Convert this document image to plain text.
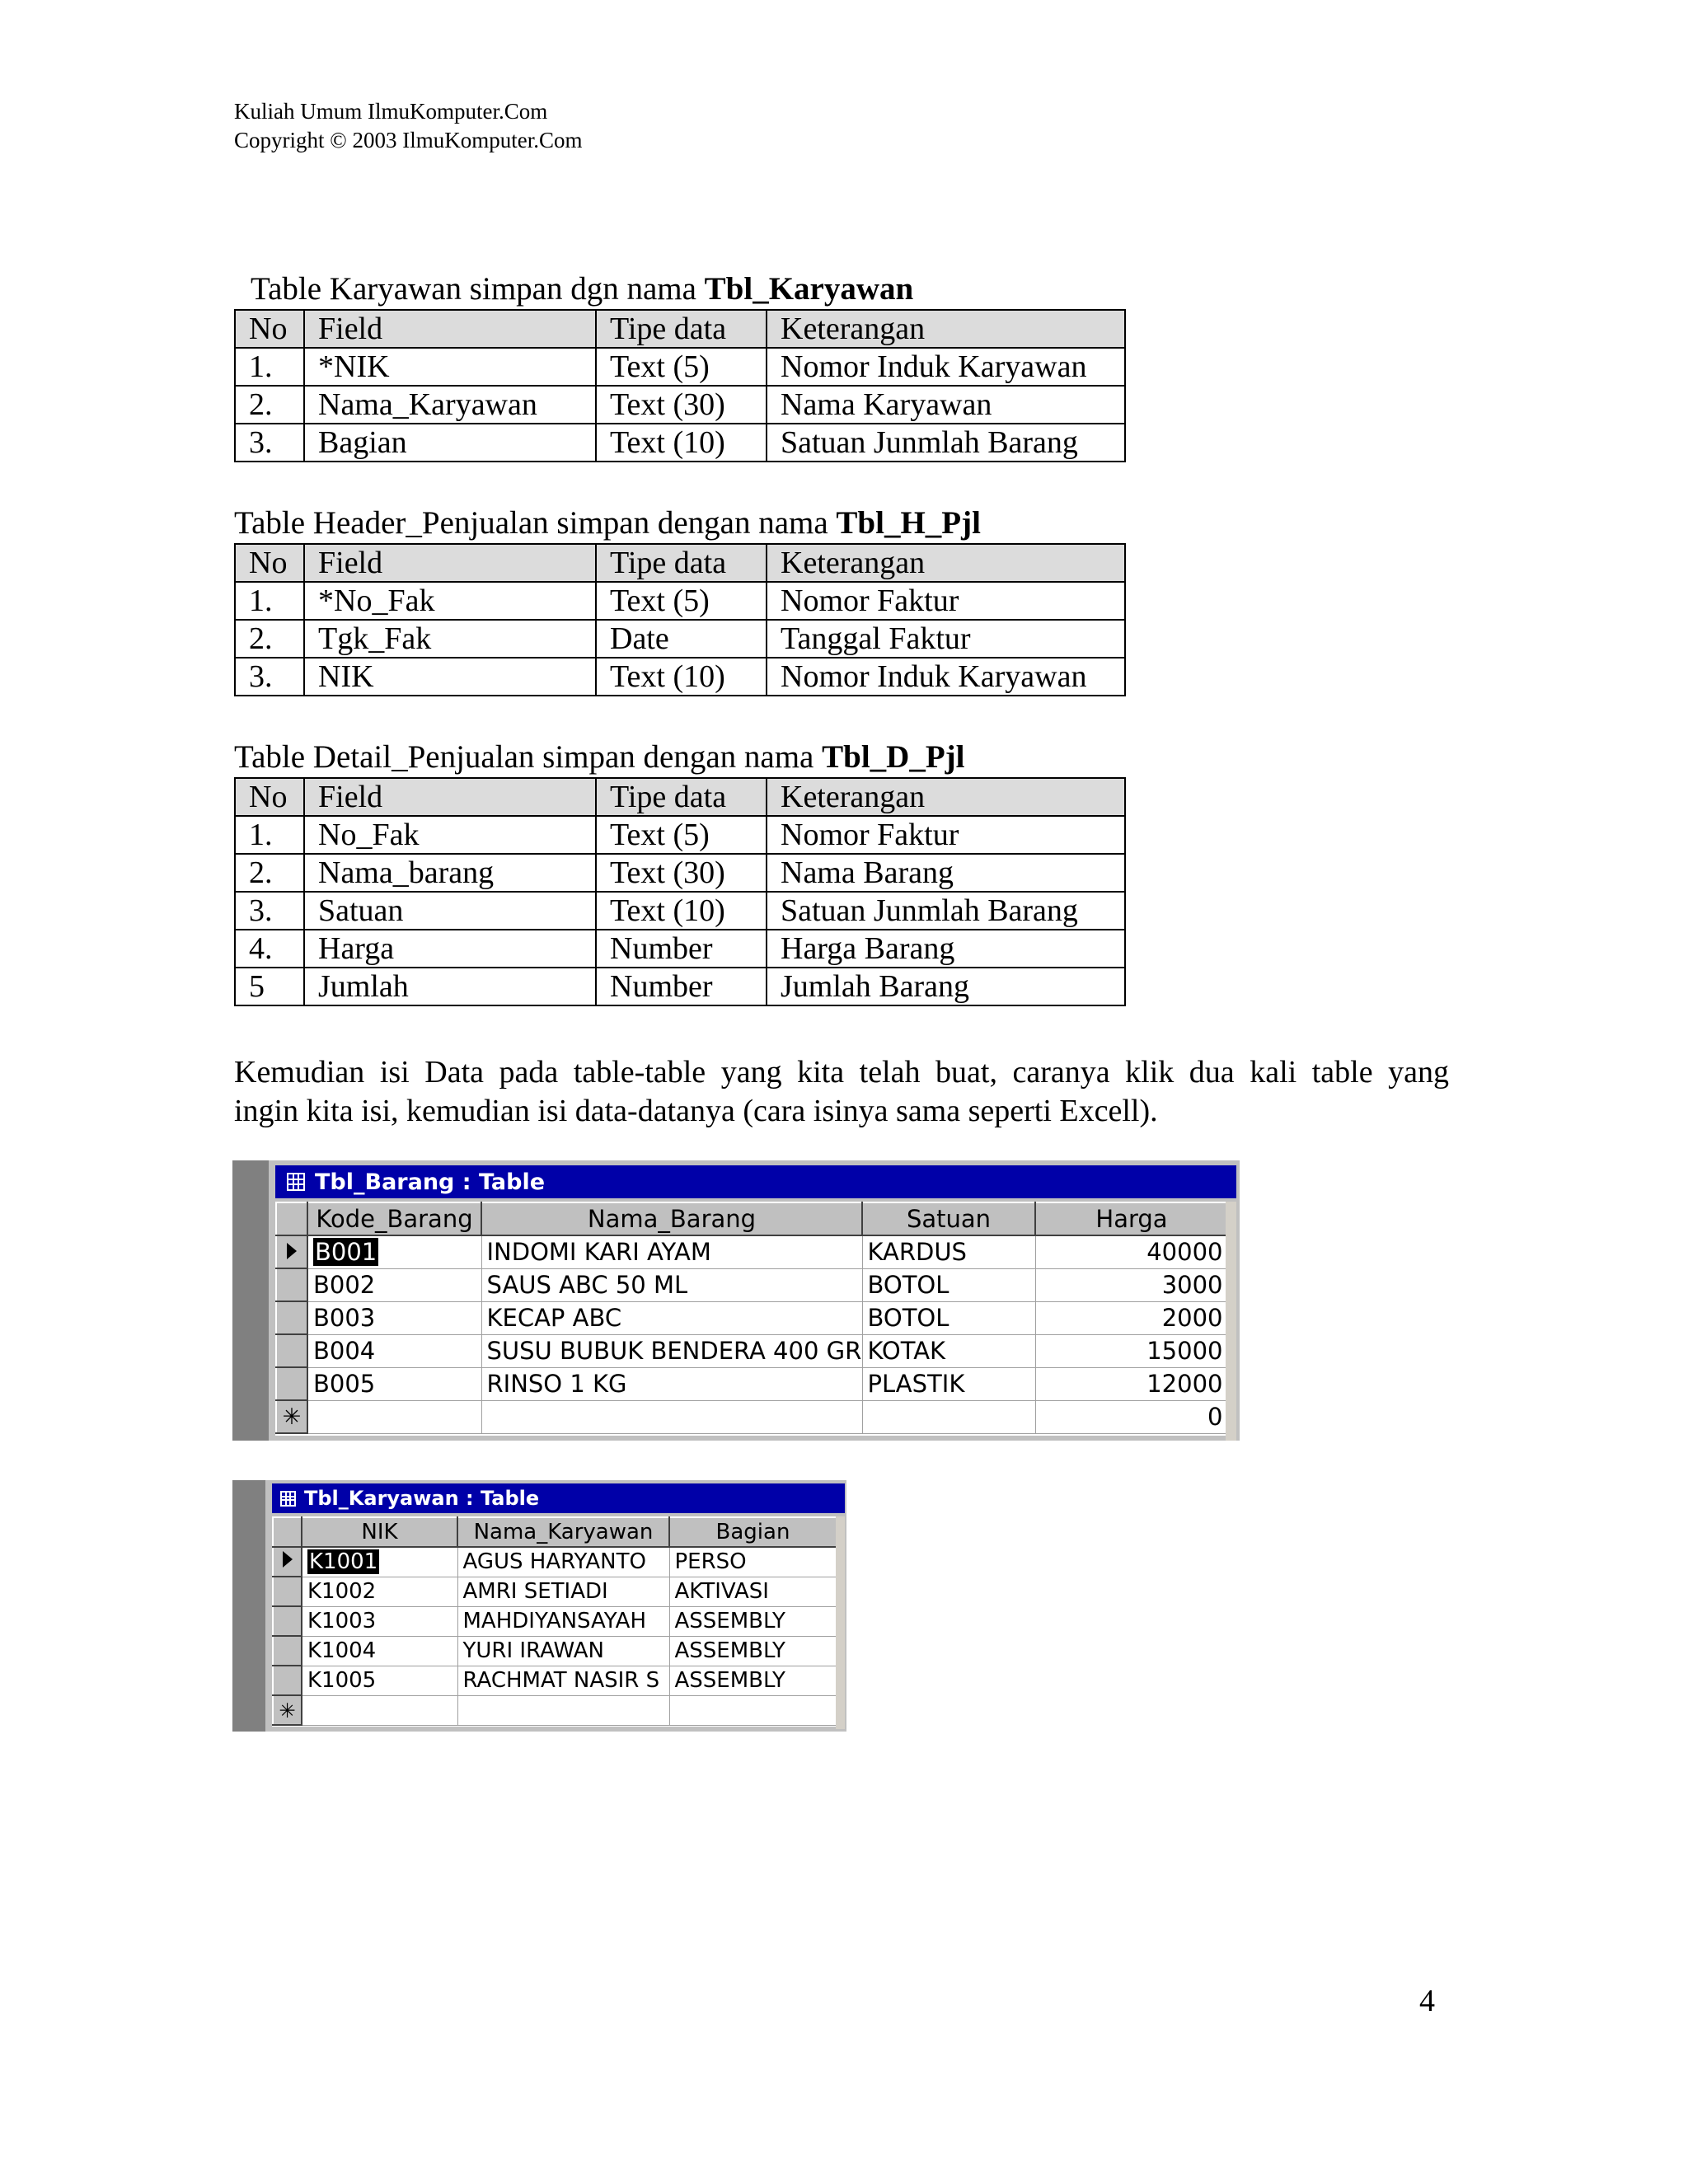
Kuliah Umum IlmuKomputer.Com
Copyright © 2003 IlmuKomputer.Com
Table Karyawan simpan dgn nama Tbl_Karyawan
No	Field	Tipe data	Keterangan
1.	*NIK	Text (5)	Nomor Induk Karyawan
2.	Nama_Karyawan	Text (30)	Nama Karyawan
3.	Bagian	Text (10)	Satuan Junmlah Barang
Table Header_Penjualan simpan dengan nama Tbl_H_Pjl
No	Field	Tipe data	Keterangan
1.	*No_Fak	Text (5)	Nomor Faktur
2.	Tgk_Fak	Date	Tanggal Faktur
3.	NIK	Text (10)	Nomor Induk Karyawan
Table Detail_Penjualan simpan dengan nama Tbl_D_Pjl
No	Field	Tipe data	Keterangan
1.	No_Fak	Text (5)	Nomor Faktur
2.	Nama_barang	Text (30)	Nama Barang
3.	Satuan	Text (10)	Satuan Junmlah Barang
4.	Harga	Number	Harga Barang
5	Jumlah	Number	Jumlah Barang
Kemudian isi Data pada table-table yang kita telah buat, caranya klik dua kali table yang
ingin kita isi, kemudian isi data-datanya (cara isinya sama seperti Excell).
Tbl_Barang : Table
	Kode_Barang	Nama_Barang	Satuan	Harga
	B001	INDOMI KARI AYAM	KARDUS	40000
	B002	SAUS ABC 50 ML	BOTOL	3000
	B003	KECAP ABC	BOTOL	2000
	B004	SUSU BUBUK BENDERA 400 GR	KOTAK	15000
	B005	RINSO 1 KG	PLASTIK	12000
✳				0
Tbl_Karyawan : Table
	NIK	Nama_Karyawan	Bagian
	K1001	AGUS HARYANTO	PERSO
	K1002	AMRI SETIADI	AKTIVASI
	K1003	MAHDIYANSAYAH	ASSEMBLY
	K1004	YURI IRAWAN	ASSEMBLY
	K1005	RACHMAT NASIR S	ASSEMBLY
✳			
4
